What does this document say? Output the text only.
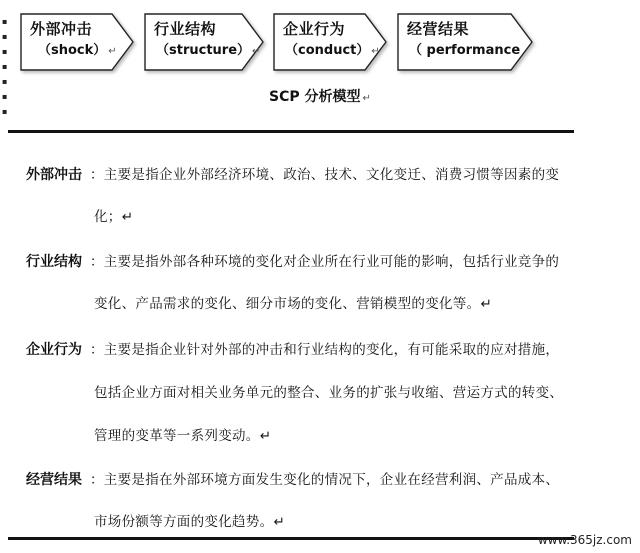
外部冲击
（shock） ↵
行业结构
（structure） ↵
企业行为
（conduct） ↵
经营结果
（ performance
▪
▪
▪
▪
▪
▪
▪
SCP 分析模型 ↵
外部冲击 ：主要是指企业外部经济环境、政治、技术、文化变迁、消费习惯等因素的变
化；↵
行业结构 ：主要是指外部各种环境的变化对企业所在行业可能的影响，包括行业竞争的
变化、产品需求的变化、细分市场的变化、营销模型的变化等。↵
企业行为 ：主要是指企业针对外部的冲击和行业结构的变化，有可能采取的应对措施，
包括企业方面对相关业务单元的整合、业务的扩张与收缩、营运方式的转变、
管理的变革等一系列变动。↵
经营结果 ：主要是指在外部环境方面发生变化的情况下，企业在经营利润、产品成本、
市场份额等方面的变化趋势。↵
www.365jz.com
